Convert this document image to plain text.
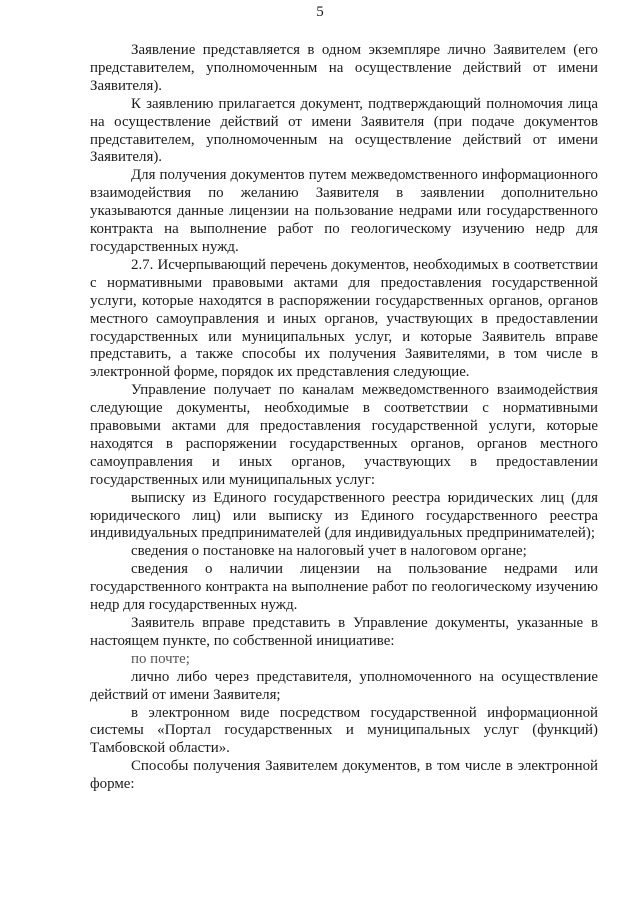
5

Заявление представляется в одном экземпляре лично Заявителем (его представителем, уполномоченным на осуществление действий от имени Заявителя).

К заявлению прилагается документ, подтверждающий полномочия лица на осуществление действий от имени Заявителя (при подаче документов представителем, уполномоченным на осуществление действий от имени Заявителя).

Для получения документов путем межведомственного информационного взаимодействия по желанию Заявителя в заявлении дополнительно указываются данные лицензии на пользование недрами или государственного контракта на выполнение работ по геологическому изучению недр для государственных нужд.

2.7. Исчерпывающий перечень документов, необходимых в соответствии с нормативными правовыми актами для предоставления государственной услуги, которые находятся в распоряжении государственных органов, органов местного самоуправления и иных органов, участвующих в предоставлении государственных или муниципальных услуг, и которые Заявитель вправе представить, а также способы их получения Заявителями, в том числе в электронной форме, порядок их представления следующие.

Управление получает по каналам межведомственного взаимодействия следующие документы, необходимые в соответствии с нормативными правовыми актами для предоставления государственной услуги, которые находятся в распоряжении государственных органов, органов местного самоуправления и иных органов, участвующих в предоставлении государственных или муниципальных услуг:

выписку из Единого государственного реестра юридических лиц (для юридического лиц) или выписку из Единого государственного реестра индивидуальных предпринимателей (для индивидуальных предпринимателей);

сведения о постановке на налоговый учет в налоговом органе;

сведения о наличии лицензии на пользование недрами или государственного контракта на выполнение работ по геологическому изучению недр для государственных нужд.

Заявитель вправе представить в Управление документы, указанные в настоящем пункте, по собственной инициативе:

по почте;

лично либо через представителя, уполномоченного на осуществление действий от имени Заявителя;

в электронном виде посредством государственной информационной системы «Портал государственных и муниципальных услуг (функций) Тамбовской области».

Способы получения Заявителем документов, в том числе в электронной форме:
